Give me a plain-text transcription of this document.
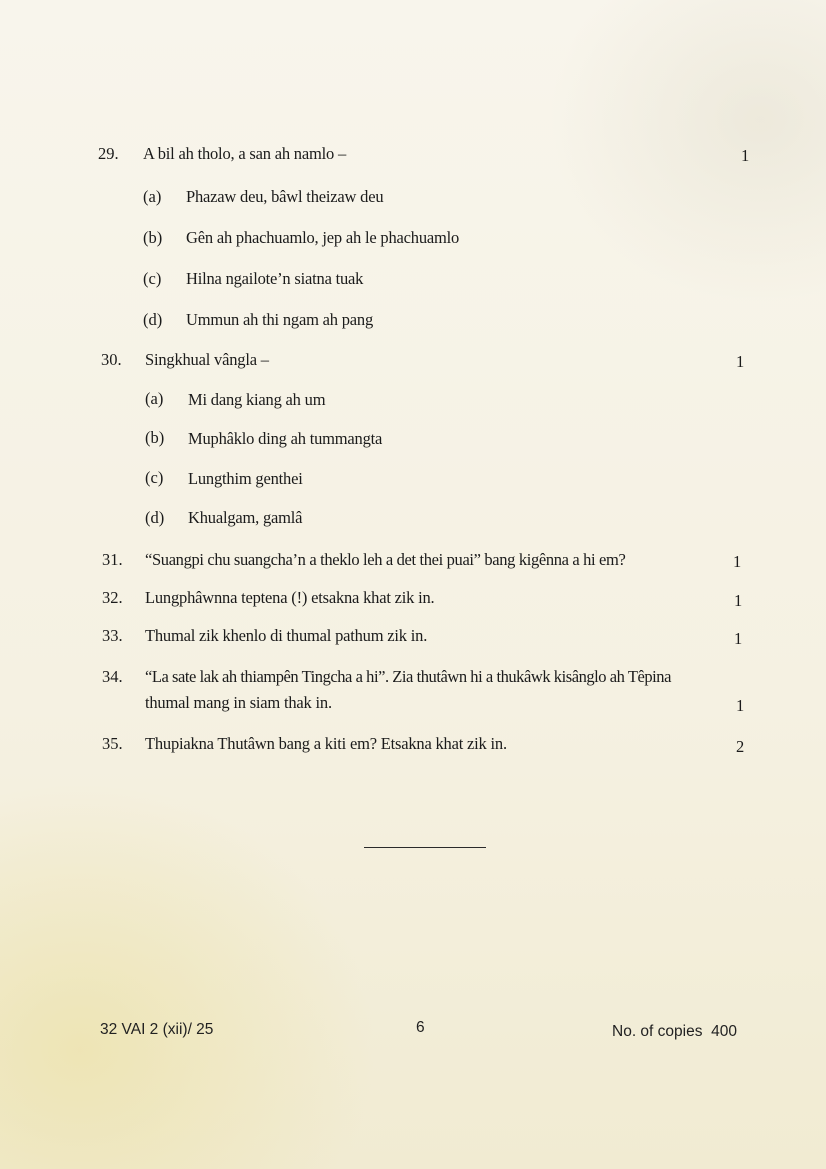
29. A bil ah tholo, a san ah namlo –	1
(a) Phazaw deu, bâwl theizaw deu
(b) Gên ah phachuamlo, jep ah le phachuamlo
(c) Hilna ngailote’n siatna tuak
(d) Ummun ah thi ngam ah pang
30. Singkhual vângla –	1
(a) Mi dang kiang ah um
(b) Muphâklo ding ah tummangta
(c) Lungthim genthei
(d) Khualgam, gamlâ
31. “Suangpi chu suangcha’n a theklo leh a det thei puai” bang kigênna a hi em?	1
32. Lungphâwnna teptena (!) etsakna khat zik in.	1
33. Thumal zik khenlo di thumal pathum zik in.	1
34. “La sate lak ah thiampên Tingcha a hi”. Zia thutâwn hi a thukâwk kisânglo ah Têpina
thumal mang in siam thak in.	1
35. Thupiakna Thutâwn bang a kiti em? Etsakna khat zik in.	2
32 VAI 2 (xii)/ 25	6	No. of copies  400
